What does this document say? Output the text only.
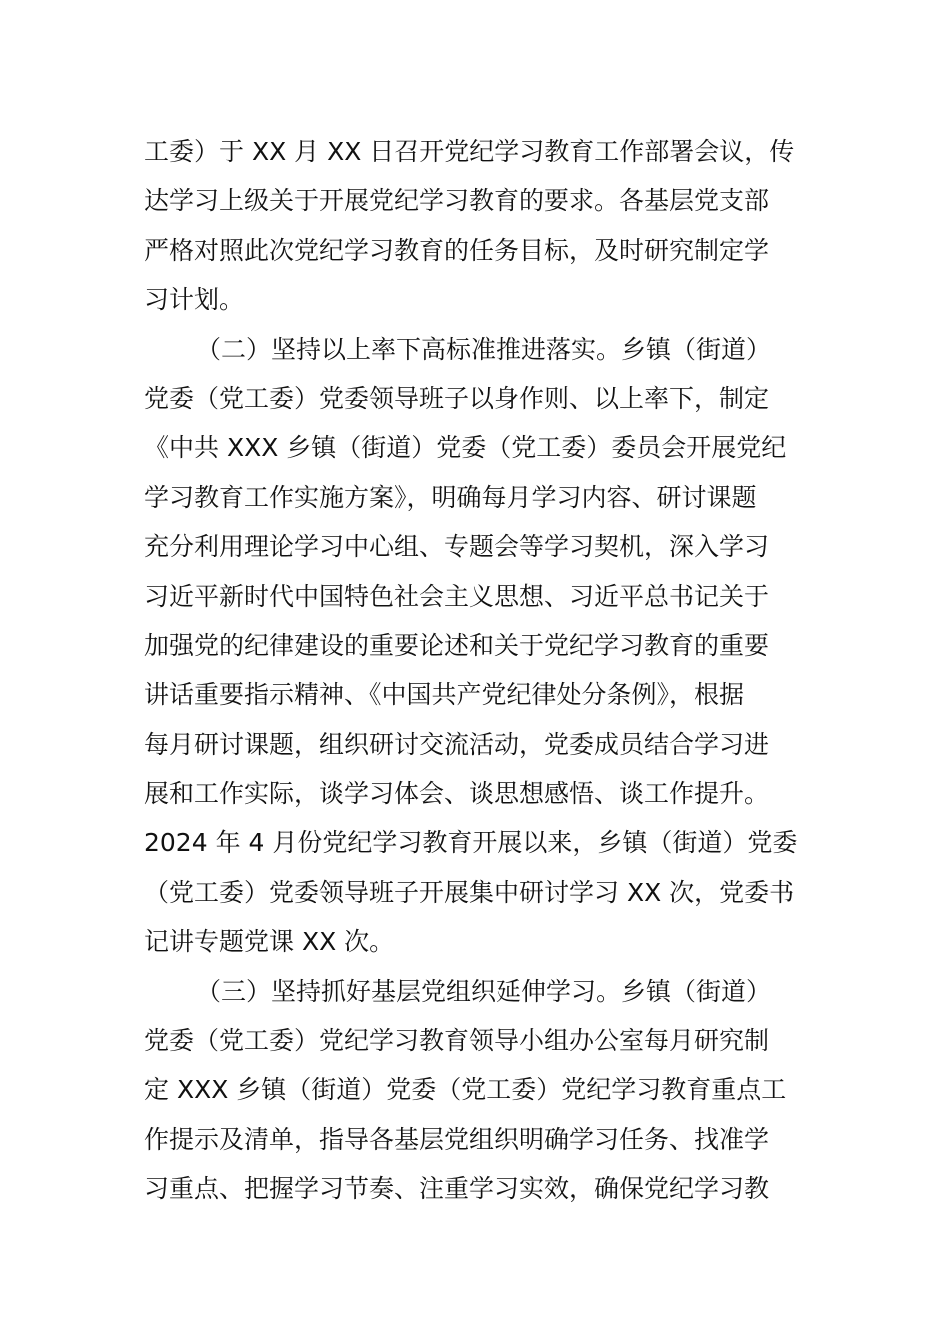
工委）于 XX 月 XX 日召开党纪学习教育工作部署会议，传
达学习上级关于开展党纪学习教育的要求。各基层党支部
严格对照此次党纪学习教育的任务目标，及时研究制定学
习计划。
（二）坚持以上率下高标准推进落实。乡镇（街道）
党委（党工委）党委领导班子以身作则、以上率下，制定
《中共 XXX 乡镇（街道）党委（党工委）委员会开展党纪
学习教育工作实施方案》，明确每月学习内容、研讨课题
充分利用理论学习中心组、专题会等学习契机，深入学习
习近平新时代中国特色社会主义思想、习近平总书记关于
加强党的纪律建设的重要论述和关于党纪学习教育的重要
讲话重要指示精神、《中国共产党纪律处分条例》，根据
每月研讨课题，组织研讨交流活动，党委成员结合学习进
展和工作实际，谈学习体会、谈思想感悟、谈工作提升。
2024 年 4 月份党纪学习教育开展以来，乡镇（街道）党委
（党工委）党委领导班子开展集中研讨学习 XX 次，党委书
记讲专题党课 XX 次。
（三）坚持抓好基层党组织延伸学习。乡镇（街道）
党委（党工委）党纪学习教育领导小组办公室每月研究制
定 XXX 乡镇（街道）党委（党工委）党纪学习教育重点工
作提示及清单，指导各基层党组织明确学习任务、找准学
习重点、把握学习节奏、注重学习实效，确保党纪学习教
